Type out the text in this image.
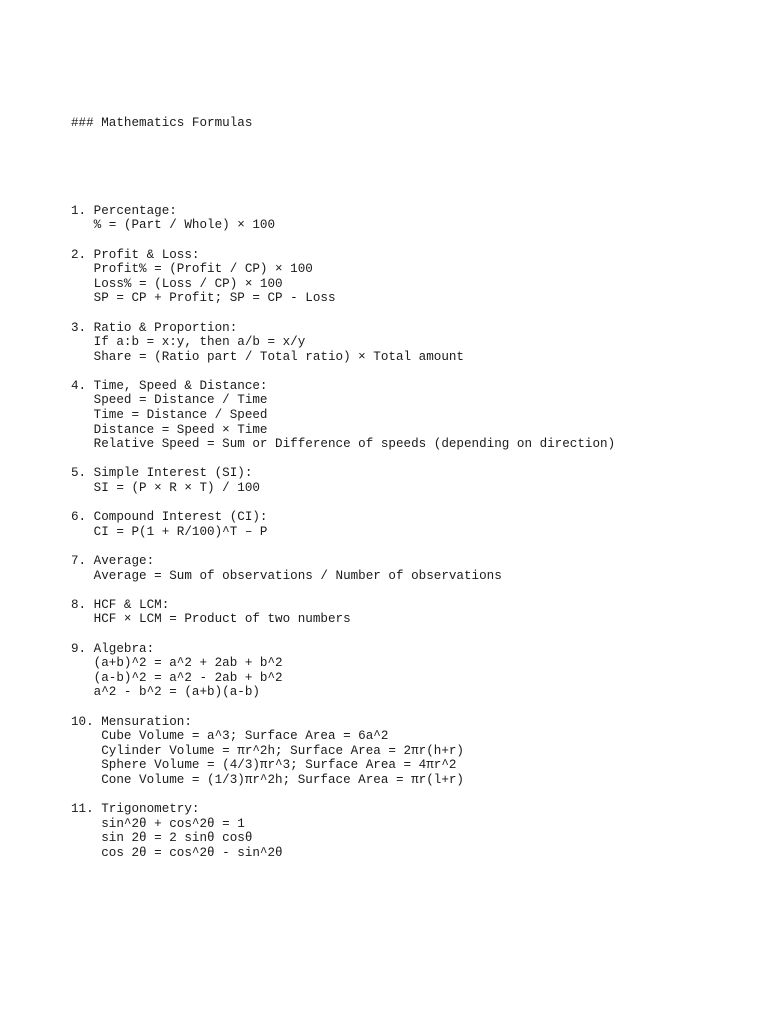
### Mathematics Formulas

1. Percentage:
% = (Part / Whole) × 100
2. Profit & Loss:
Profit% = (Profit / CP) × 100
Loss% = (Loss / CP) × 100
SP = CP + Profit; SP = CP - Loss
3. Ratio & Proportion:
If a:b = x:y, then a/b = x/y
Share = (Ratio part / Total ratio) × Total amount
4. Time, Speed & Distance:
Speed = Distance / Time
Time = Distance / Speed
Distance = Speed × Time
Relative Speed = Sum or Difference of speeds (depending on direction)
5. Simple Interest (SI):
SI = (P × R × T) / 100
6. Compound Interest (CI):
CI = P(1 + R/100)^T – P
7. Average:
Average = Sum of observations / Number of observations
8. HCF & LCM:
HCF × LCM = Product of two numbers
9. Algebra:
(a+b)^2 = a^2 + 2ab + b^2
(a-b)^2 = a^2 - 2ab + b^2
a^2 - b^2 = (a+b)(a-b)
10. Mensuration:
Cube Volume = a^3; Surface Area = 6a^2
Cylinder Volume = πr^2h; Surface Area = 2πr(h+r)
Sphere Volume = (4/3)πr^3; Surface Area = 4πr^2
Cone Volume = (1/3)πr^2h; Surface Area = πr(l+r)
11. Trigonometry:
sin^2θ + cos^2θ = 1
sin 2θ = 2 sinθ cosθ
cos 2θ = cos^2θ - sin^2θ
